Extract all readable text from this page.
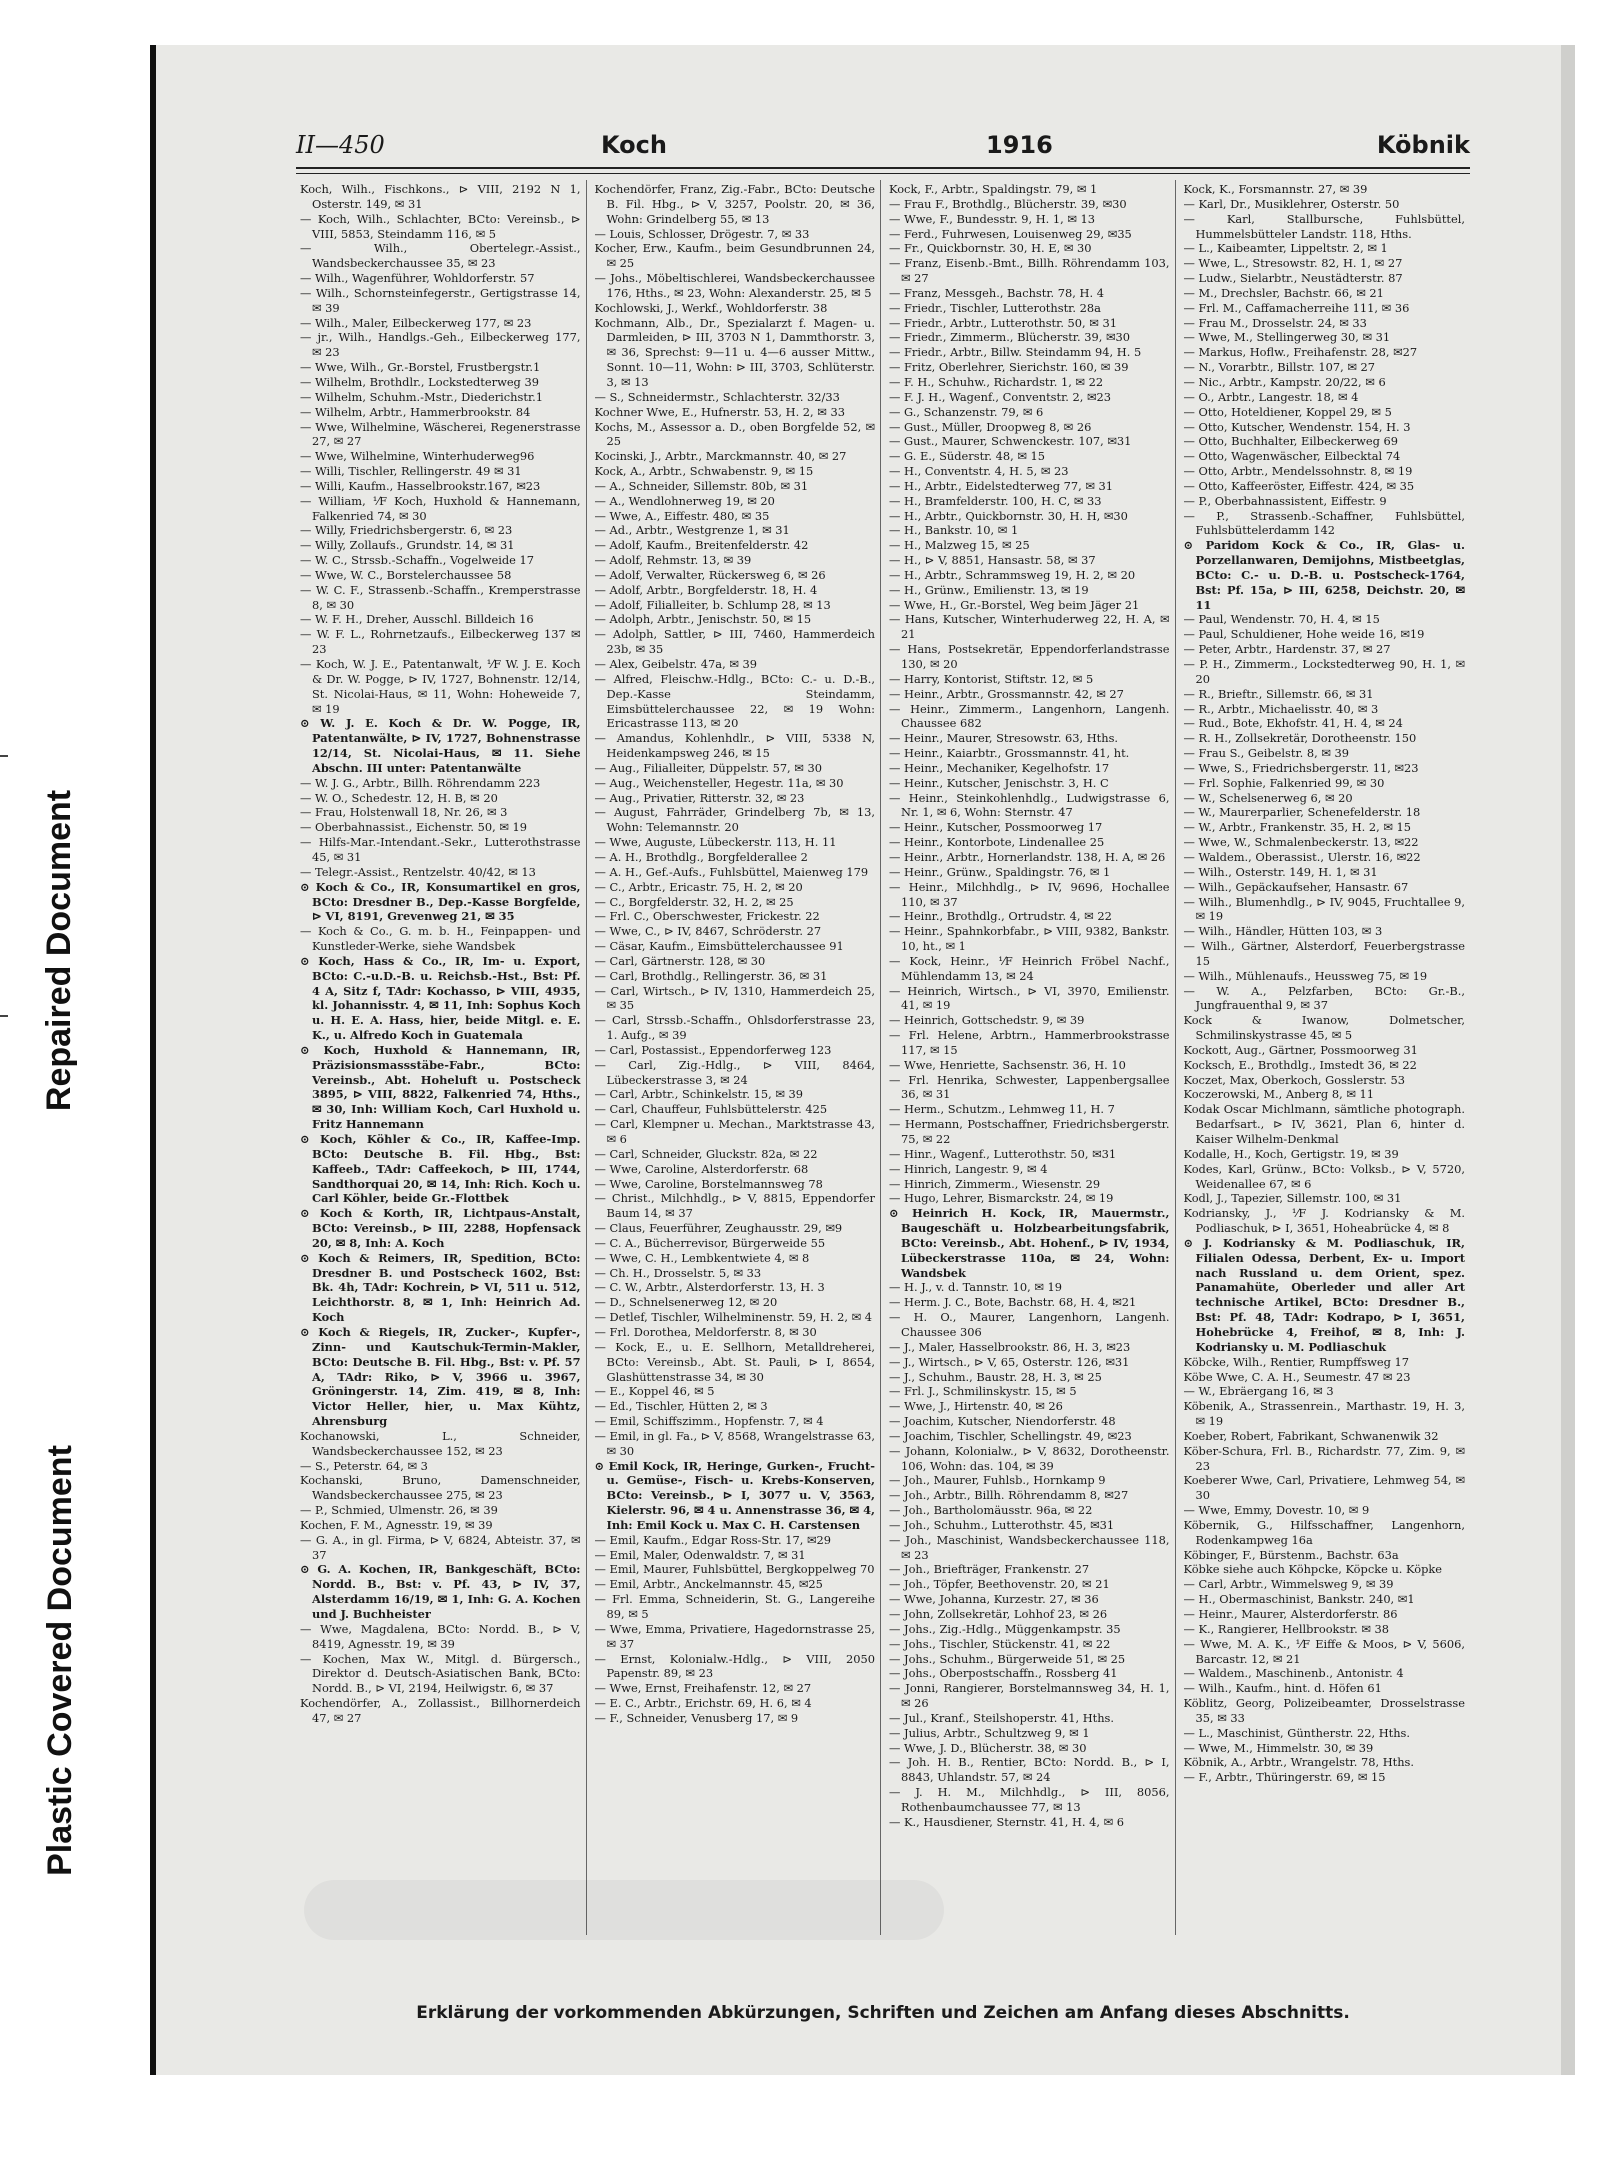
Repaired Document
Plastic Covered Document
II—450	Koch	1916	Köbnik

Koch, Wilh., Fischkons., ⊳ VIII, 2192 N 1, Osterstr. 149, ✉ 31

— Koch, Wilh., Schlachter, BCto: Vereinsb., ⊳ VIII, 5853, Steindamm 116, ✉ 5

— Wilh., Obertelegr.-Assist., Wandsbeckerchaussee 35, ✉ 23

— Wilh., Wagenführer, Wohldorferstr. 57

— Wilh., Schornsteinfegerstr., Gertigstrasse 14, ✉ 39

— Wilh., Maler, Eilbeckerweg 177, ✉ 23

— jr., Wilh., Handlgs.-Geh., Eilbeckerweg 177, ✉ 23

— Wwe, Wilh., Gr.-Borstel, Frustbergstr.1

— Wilhelm, Brothdlr., Lockstedterweg 39

— Wilhelm, Schuhm.-Mstr., Diederichstr.1

— Wilhelm, Arbtr., Hammerbrookstr. 84

— Wwe, Wilhelmine, Wäscherei, Regenerstrasse 27, ✉ 27

— Wwe, Wilhelmine, Winterhuderweg96

— Willi, Tischler, Rellingerstr. 49 ✉ 31

— Willi, Kaufm., Hasselbrookstr.167, ✉23

— William, ⅟F Koch, Huxhold & Hannemann, Falkenried 74, ✉ 30

— Willy, Friedrichsbergerstr. 6, ✉ 23

— Willy, Zollaufs., Grundstr. 14, ✉ 31

— W. C., Strssb.-Schaffn., Vogelweide 17

— Wwe, W. C., Borstelerchaussee 58

— W. C. F., Strassenb.-Schaffn., Kremperstrasse 8, ✉ 30

— W. F. H., Dreher, Ausschl. Billdeich 16

— W. F. L., Rohrnetzaufs., Eilbeckerweg 137 ✉ 23

— Koch, W. J. E., Patentanwalt, ⅟F W. J. E. Koch & Dr. W. Pogge, ⊳ IV, 1727, Bohnenstr. 12/14, St. Nicolai-Haus, ✉ 11, Wohn: Hoheweide 7, ✉ 19

⊙ W. J. E. Koch & Dr. W. Pogge, IR, Patentanwälte, ⊳ IV, 1727, Bohnenstrasse 12/14, St. Nicolai-Haus, ✉ 11. Siehe Abschn. III unter: Patentanwälte

— W. J. G., Arbtr., Billh. Röhrendamm 223

— W. O., Schedestr. 12, H. B, ✉ 20

— Frau, Holstenwall 18, Nr. 26, ✉ 3

— Oberbahnassist., Eichenstr. 50, ✉ 19

— Hilfs-Mar.-Intendant.-Sekr., Lutterothstrasse 45, ✉ 31

— Telegr.-Assist., Rentzelstr. 40/42, ✉ 13

⊙ Koch & Co., IR, Konsumartikel en gros, BCto: Dresdner B., Dep.-Kasse Borgfelde, ⊳ VI, 8191, Grevenweg 21, ✉ 35

— Koch & Co., G. m. b. H., Feinpappen- und Kunstleder-Werke, siehe Wandsbek

⊙ Koch, Hass & Co., IR, Im- u. Export, BCto: C.-u.D.-B. u. Reichsb.-Hst., Bst: Pf. 4 A, Sitz f, TAdr: Kochasso, ⊳ VIII, 4935, kl. Johannisstr. 4, ✉ 11, Inh: Sophus Koch u. H. E. A. Hass, hier, beide Mitgl. e. E. K., u. Alfredo Koch in Guatemala

⊙ Koch, Huxhold & Hannemann, IR, Präzisionsmassstäbe-Fabr., BCto: Vereinsb., Abt. Hoheluft u. Postscheck 3895, ⊳ VIII, 8822, Falkenried 74, Hths., ✉ 30, Inh: William Koch, Carl Huxhold u. Fritz Hannemann

⊙ Koch, Köhler & Co., IR, Kaffee-Imp. BCto: Deutsche B. Fil. Hbg., Bst: Kaffeeb., TAdr: Caffeekoch, ⊳ III, 1744, Sandthorquai 20, ✉ 14, Inh: Rich. Koch u. Carl Köhler, beide Gr.-Flottbek

⊙ Koch & Korth, IR, Lichtpaus-Anstalt, BCto: Vereinsb., ⊳ III, 2288, Hopfensack 20, ✉ 8, Inh: A. Koch

⊙ Koch & Reimers, IR, Spedition, BCto: Dresdner B. und Postscheck 1602, Bst: Bk. 4h, TAdr: Kochrein, ⊳ VI, 511 u. 512, Leichthorstr. 8, ✉ 1, Inh: Heinrich Ad. Koch

⊙ Koch & Riegels, IR, Zucker-, Kupfer-, Zinn- und Kautschuk-Termin-Makler, BCto: Deutsche B. Fil. Hbg., Bst: v. Pf. 57 A, TAdr: Riko, ⊳ V, 3966 u. 3967, Gröningerstr. 14, Zim. 419, ✉ 8, Inh: Victor Heller, hier, u. Max Kühtz, Ahrensburg

Kochanowski, L., Schneider, Wandsbeckerchaussee 152, ✉ 23

— S., Peterstr. 64, ✉ 3

Kochanski, Bruno, Damenschneider, Wandsbeckerchaussee 275, ✉ 23

— P., Schmied, Ulmenstr. 26, ✉ 39

Kochen, F. M., Agnesstr. 19, ✉ 39

— G. A., in gl. Firma, ⊳ V, 6824, Abteistr. 37, ✉ 37

⊙ G. A. Kochen, IR, Bankgeschäft, BCto: Nordd. B., Bst: v. Pf. 43, ⊳ IV, 37, Alsterdamm 16/19, ✉ 1, Inh: G. A. Kochen und J. Buchheister

— Wwe, Magdalena, BCto: Nordd. B., ⊳ V, 8419, Agnesstr. 19, ✉ 39

— Kochen, Max W., Mitgl. d. Bürgersch., Direktor d. Deutsch-Asiatischen Bank, BCto: Nordd. B., ⊳ VI, 2194, Heilwigstr. 6, ✉ 37

Kochendörfer, A., Zollassist., Billhornerdeich 47, ✉ 27

Kochendörfer, Franz, Zig.-Fabr., BCto: Deutsche B. Fil. Hbg., ⊳ V, 3257, Poolstr. 20, ✉ 36, Wohn: Grindelberg 55, ✉ 13

— Louis, Schlosser, Drögestr. 7, ✉ 33

Kocher, Erw., Kaufm., beim Gesundbrunnen 24, ✉ 25

— Johs., Möbeltischlerei, Wandsbeckerchaussee 176, Hths., ✉ 23, Wohn: Alexanderstr. 25, ✉ 5

Kochlowski, J., Werkf., Wohldorferstr. 38

Kochmann, Alb., Dr., Spezialarzt f. Magen- u. Darmleiden, ⊳ III, 3703 N 1, Dammthorstr. 3, ✉ 36, Sprechst: 9—11 u. 4—6 ausser Mittw., Sonnt. 10—11, Wohn: ⊳ III, 3703, Schlüterstr. 3, ✉ 13

— S., Schneidermstr., Schlachterstr. 32/33

Kochner Wwe, E., Hufnerstr. 53, H. 2, ✉ 33

Kochs, M., Assessor a. D., oben Borgfelde 52, ✉ 25

Kocinski, J., Arbtr., Marckmannstr. 40, ✉ 27

Kock, A., Arbtr., Schwabenstr. 9, ✉ 15

— A., Schneider, Sillemstr. 80b, ✉ 31

— A., Wendlohnerweg 19, ✉ 20

— Wwe, A., Eiffestr. 480, ✉ 35

— Ad., Arbtr., Westgrenze 1, ✉ 31

— Adolf, Kaufm., Breitenfelderstr. 42

— Adolf, Rehmstr. 13, ✉ 39

— Adolf, Verwalter, Rückersweg 6, ✉ 26

— Adolf, Arbtr., Borgfelderstr. 18, H. 4

— Adolf, Filialleiter, b. Schlump 28, ✉ 13

— Adolph, Arbtr., Jenischstr. 50, ✉ 15

— Adolph, Sattler, ⊳ III, 7460, Hammerdeich 23b, ✉ 35

— Alex, Geibelstr. 47a, ✉ 39

— Alfred, Fleischw.-Hdlg., BCto: C.- u. D.-B., Dep.-Kasse Steindamm, Eimsbüttelerchaussee 22, ✉ 19 Wohn: Ericastrasse 113, ✉ 20

— Amandus, Kohlenhdlr., ⊳ VIII, 5338 N, Heidenkampsweg 246, ✉ 15

— Aug., Filialleiter, Düppelstr. 57, ✉ 30

— Aug., Weichensteller, Hegestr. 11a, ✉ 30

— Aug., Privatier, Ritterstr. 32, ✉ 23

— August, Fahrräder, Grindelberg 7b, ✉ 13, Wohn: Telemannstr. 20

— Wwe, Auguste, Lübeckerstr. 113, H. 11

— A. H., Brothdlg., Borgfelderallee 2

— A. H., Gef.-Aufs., Fuhlsbüttel, Maienweg 179

— C., Arbtr., Ericastr. 75, H. 2, ✉ 20

— C., Borgfelderstr. 32, H. 2, ✉ 25

— Frl. C., Oberschwester, Frickestr. 22

— Wwe, C., ⊳ IV, 8467, Schröderstr. 27

— Cäsar, Kaufm., Eimsbüttelerchaussee 91

— Carl, Gärtnerstr. 128, ✉ 30

— Carl, Brothdlg., Rellingerstr. 36, ✉ 31

— Carl, Wirtsch., ⊳ IV, 1310, Hammerdeich 25, ✉ 35

— Carl, Strssb.-Schaffn., Ohlsdorferstrasse 23, 1. Aufg., ✉ 39

— Carl, Postassist., Eppendorferweg 123

— Carl, Zig.-Hdlg., ⊳ VIII, 8464, Lübeckerstrasse 3, ✉ 24

— Carl, Arbtr., Schinkelstr. 15, ✉ 39

— Carl, Chauffeur, Fuhlsbüttelerstr. 425

— Carl, Klempner u. Mechan., Marktstrasse 43, ✉ 6

— Carl, Schneider, Gluckstr. 82a, ✉ 22

— Wwe, Caroline, Alsterdorferstr. 68

— Wwe, Caroline, Borstelmannsweg 78

— Christ., Milchhdlg., ⊳ V, 8815, Eppendorfer Baum 14, ✉ 37

— Claus, Feuerführer, Zeughausstr. 29, ✉9

— C. A., Bücherrevisor, Bürgerweide 55

— Wwe, C. H., Lembkentwiete 4, ✉ 8

— Ch. H., Drosselstr. 5, ✉ 33

— C. W., Arbtr., Alsterdorferstr. 13, H. 3

— D., Schnelsenerweg 12, ✉ 20

— Detlef, Tischler, Wilhelminenstr. 59, H. 2, ✉ 4

— Frl. Dorothea, Meldorferstr. 8, ✉ 30

— Kock, E., u. E. Sellhorn, Metalldreherei, BCto: Vereinsb., Abt. St. Pauli, ⊳ I, 8654, Glashüttenstrasse 34, ✉ 30

— E., Koppel 46, ✉ 5

— Ed., Tischler, Hütten 2, ✉ 3

— Emil, Schiffszimm., Hopfenstr. 7, ✉ 4

— Emil, in gl. Fa., ⊳ V, 8568, Wrangelstrasse 63, ✉ 30

⊙ Emil Kock, IR, Heringe, Gurken-, Frucht- u. Gemüse-, Fisch- u. Krebs-Konserven, BCto: Vereinsb., ⊳ I, 3077 u. V, 3563, Kielerstr. 96, ✉ 4 u. Annenstrasse 36, ✉ 4, Inh: Emil Kock u. Max C. H. Carstensen

— Emil, Kaufm., Edgar Ross-Str. 17, ✉29

— Emil, Maler, Odenwaldstr. 7, ✉ 31

— Emil, Maurer, Fuhlsbüttel, Bergkoppelweg 70

— Emil, Arbtr., Anckelmannstr. 45, ✉25

— Frl. Emma, Schneiderin, St. G., Langereihe 89, ✉ 5

— Wwe, Emma, Privatiere, Hagedornstrasse 25, ✉ 37

— Ernst, Kolonialw.-Hdlg., ⊳ VIII, 2050 Papenstr. 89, ✉ 23

— Wwe, Ernst, Freihafenstr. 12, ✉ 27

— E. C., Arbtr., Erichstr. 69, H. 6, ✉ 4

— F., Schneider, Venusberg 17, ✉ 9

Kock, F., Arbtr., Spaldingstr. 79, ✉ 1

— Frau F., Brothdlg., Blücherstr. 39, ✉30

— Wwe, F., Bundesstr. 9, H. 1, ✉ 13

— Ferd., Fuhrwesen, Louisenweg 29, ✉35

— Fr., Quickbornstr. 30, H. E, ✉ 30

— Franz, Eisenb.-Bmt., Billh. Röhrendamm 103, ✉ 27

— Franz, Messgeh., Bachstr. 78, H. 4

— Friedr., Tischler, Lutterothstr. 28a

— Friedr., Arbtr., Lutterothstr. 50, ✉ 31

— Friedr., Zimmerm., Blücherstr. 39, ✉30

— Friedr., Arbtr., Billw. Steindamm 94, H. 5

— Fritz, Oberlehrer, Sierichstr. 160, ✉ 39

— F. H., Schuhw., Richardstr. 1, ✉ 22

— F. J. H., Wagenf., Conventstr. 2, ✉23

— G., Schanzenstr. 79, ✉ 6

— Gust., Müller, Droopweg 8, ✉ 26

— Gust., Maurer, Schwenckestr. 107, ✉31

— G. E., Süderstr. 48, ✉ 15

— H., Conventstr. 4, H. 5, ✉ 23

— H., Arbtr., Eidelstedterweg 77, ✉ 31

— H., Bramfelderstr. 100, H. C, ✉ 33

— H., Arbtr., Quickbornstr. 30, H. H, ✉30

— H., Bankstr. 10, ✉ 1

— H., Malzweg 15, ✉ 25

— H., ⊳ V, 8851, Hansastr. 58, ✉ 37

— H., Arbtr., Schrammsweg 19, H. 2, ✉ 20

— H., Grünw., Emilienstr. 13, ✉ 19

— Wwe, H., Gr.-Borstel, Weg beim Jäger 21

— Hans, Kutscher, Winterhuderweg 22, H. A, ✉ 21

— Hans, Postsekretär, Eppendorferlandstrasse 130, ✉ 20

— Harry, Kontorist, Stiftstr. 12, ✉ 5

— Heinr., Arbtr., Grossmannstr. 42, ✉ 27

— Heinr., Zimmerm., Langenhorn, Langenh. Chaussee 682

— Heinr., Maurer, Stresowstr. 63, Hths.

— Heinr., Kaiarbtr., Grossmannstr. 41, ht.

— Heinr., Mechaniker, Kegelhofstr. 17

— Heinr., Kutscher, Jenischstr. 3, H. C

— Heinr., Steinkohlenhdlg., Ludwigstrasse 6, Nr. 1, ✉ 6, Wohn: Sternstr. 47

— Heinr., Kutscher, Possmoorweg 17

— Heinr., Kontorbote, Lindenallee 25

— Heinr., Arbtr., Hornerlandstr. 138, H. A, ✉ 26

— Heinr., Grünw., Spaldingstr. 76, ✉ 1

— Heinr., Milchhdlg., ⊳ IV, 9696, Hochallee 110, ✉ 37

— Heinr., Brothdlg., Ortrudstr. 4, ✉ 22

— Heinr., Spahnkorbfabr., ⊳ VIII, 9382, Bankstr. 10, ht., ✉ 1

— Kock, Heinr., ⅟F Heinrich Fröbel Nachf., Mühlendamm 13, ✉ 24

— Heinrich, Wirtsch., ⊳ VI, 3970, Emilienstr. 41, ✉ 19

— Heinrich, Gottschedstr. 9, ✉ 39

— Frl. Helene, Arbtrn., Hammerbrookstrasse 117, ✉ 15

— Wwe, Henriette, Sachsenstr. 36, H. 10

— Frl. Henrika, Schwester, Lappenbergsallee 36, ✉ 31

— Herm., Schutzm., Lehmweg 11, H. 7

— Hermann, Postschaffner, Friedrichsbergerstr. 75, ✉ 22

— Hinr., Wagenf., Lutterothstr. 50, ✉31

— Hinrich, Langestr. 9, ✉ 4

— Hinrich, Zimmerm., Wiesenstr. 29

— Hugo, Lehrer, Bismarckstr. 24, ✉ 19

⊙ Heinrich H. Kock, IR, Mauermstr., Baugeschäft u. Holzbearbeitungsfabrik, BCto: Vereinsb., Abt. Hohenf., ⊳ IV, 1934, Lübeckerstrasse 110a, ✉ 24, Wohn: Wandsbek

— H. J., v. d. Tannstr. 10, ✉ 19

— Herm. J. C., Bote, Bachstr. 68, H. 4, ✉21

— H. O., Maurer, Langenhorn, Langenh. Chaussee 306

— J., Maler, Hasselbrookstr. 86, H. 3, ✉23

— J., Wirtsch., ⊳ V, 65, Osterstr. 126, ✉31

— J., Schuhm., Baustr. 28, H. 3, ✉ 25

— Frl. J., Schmilinskystr. 15, ✉ 5

— Wwe, J., Hirtenstr. 40, ✉ 26

— Joachim, Kutscher, Niendorferstr. 48

— Joachim, Tischler, Schellingstr. 49, ✉23

— Johann, Kolonialw., ⊳ V, 8632, Dorotheenstr. 106, Wohn: das. 104, ✉ 39

— Joh., Maurer, Fuhlsb., Hornkamp 9

— Joh., Arbtr., Billh. Röhrendamm 8, ✉27

— Joh., Bartholomäusstr. 96a, ✉ 22

— Joh., Schuhm., Lutterothstr. 45, ✉31

— Joh., Maschinist, Wandsbeckerchaussee 118, ✉ 23

— Joh., Briefträger, Frankenstr. 27

— Joh., Töpfer, Beethovenstr. 20, ✉ 21

— Wwe, Johanna, Kurzestr. 27, ✉ 36

— John, Zollsekretär, Lohhof 23, ✉ 26

— Johs., Zig.-Hdlg., Müggenkampstr. 35

— Johs., Tischler, Stückenstr. 41, ✉ 22

— Johs., Schuhm., Bürgerweide 51, ✉ 25

— Johs., Oberpostschaffn., Rossberg 41

— Jonni, Rangierer, Borstelmannsweg 34, H. 1, ✉ 26

— Jul., Kranf., Steilshoperstr. 41, Hths.

— Julius, Arbtr., Schultzweg 9, ✉ 1

— Wwe, J. D., Blücherstr. 38, ✉ 30

— Joh. H. B., Rentier, BCto: Nordd. B., ⊳ I, 8843, Uhlandstr. 57, ✉ 24

— J. H. M., Milchhdlg., ⊳ III, 8056, Rothenbaumchaussee 77, ✉ 13

— K., Hausdiener, Sternstr. 41, H. 4, ✉ 6

Kock, K., Forsmannstr. 27, ✉ 39

— Karl, Dr., Musiklehrer, Osterstr. 50

— Karl, Stallbursche, Fuhlsbüttel, Hummelsbütteler Landstr. 118, Hths.

— L., Kaibeamter, Lippeltstr. 2, ✉ 1

— Wwe, L., Stresowstr. 82, H. 1, ✉ 27

— Ludw., Sielarbtr., Neustädterstr. 87

— M., Drechsler, Bachstr. 66, ✉ 21

— Frl. M., Caffamacherreihe 111, ✉ 36

— Frau M., Drosselstr. 24, ✉ 33

— Wwe, M., Stellingerweg 30, ✉ 31

— Markus, Hoflw., Freihafenstr. 28, ✉27

— N., Vorarbtr., Billstr. 107, ✉ 27

— Nic., Arbtr., Kampstr. 20/22, ✉ 6

— O., Arbtr., Langestr. 18, ✉ 4

— Otto, Hoteldiener, Koppel 29, ✉ 5

— Otto, Kutscher, Wendenstr. 154, H. 3

— Otto, Buchhalter, Eilbeckerweg 69

— Otto, Wagenwäscher, Eilbecktal 74

— Otto, Arbtr., Mendelssohnstr. 8, ✉ 19

— Otto, Kaffeeröster, Eiffestr. 424, ✉ 35

— P., Oberbahnassistent, Eiffestr. 9

— P., Strassenb.-Schaffner, Fuhlsbüttel, Fuhlsbüttelerdamm 142

⊙ Paridom Kock & Co., IR, Glas- u. Porzellanwaren, Demijohns, Mistbeetglas, BCto: C.- u. D.-B. u. Postscheck-1764, Bst: Pf. 15a, ⊳ III, 6258, Deichstr. 20, ✉ 11

— Paul, Wendenstr. 70, H. 4, ✉ 15

— Paul, Schuldiener, Hohe weide 16, ✉19

— Peter, Arbtr., Hardenstr. 37, ✉ 27

— P. H., Zimmerm., Lockstedterweg 90, H. 1, ✉ 20

— R., Brieftr., Sillemstr. 66, ✉ 31

— R., Arbtr., Michaelisstr. 40, ✉ 3

— Rud., Bote, Ekhofstr. 41, H. 4, ✉ 24

— R. H., Zollsekretär, Dorotheenstr. 150

— Frau S., Geibelstr. 8, ✉ 39

— Wwe, S., Friedrichsbergerstr. 11, ✉23

— Frl. Sophie, Falkenried 99, ✉ 30

— W., Schelsenerweg 6, ✉ 20

— W., Maurerparlier, Schenefelderstr. 18

— W., Arbtr., Frankenstr. 35, H. 2, ✉ 15

— Wwe, W., Schmalenbeckerstr. 13, ✉22

— Waldem., Oberassist., Ulerstr. 16, ✉22

— Wilh., Osterstr. 149, H. 1, ✉ 31

— Wilh., Gepäckaufseher, Hansastr. 67

— Wilh., Blumenhdlg., ⊳ IV, 9045, Fruchtallee 9, ✉ 19

— Wilh., Händler, Hütten 103, ✉ 3

— Wilh., Gärtner, Alsterdorf, Feuerbergstrasse 15

— Wilh., Mühlenaufs., Heussweg 75, ✉ 19

— W. A., Pelzfarben, BCto: Gr.-B., Jungfrauenthal 9, ✉ 37

Kock & Iwanow, Dolmetscher, Schmilinskystrasse 45, ✉ 5

Kockott, Aug., Gärtner, Possmoorweg 31

Kocksch, E., Brothdlg., Imstedt 36, ✉ 22

Koczet, Max, Oberkoch, Gosslerstr. 53

Koczerowski, M., Anberg 8, ✉ 11

Kodak Oscar Michlmann, sämtliche photograph. Bedarfsart., ⊳ IV, 3621, Plan 6, hinter d. Kaiser Wilhelm-Denkmal

Kodalle, H., Koch, Gertigstr. 19, ✉ 39

Kodes, Karl, Grünw., BCto: Volksb., ⊳ V, 5720, Weidenallee 67, ✉ 6

Kodl, J., Tapezier, Sillemstr. 100, ✉ 31

Kodriansky, J., ⅟F J. Kodriansky & M. Podliaschuk, ⊳ I, 3651, Hoheabrücke 4, ✉ 8

⊙ J. Kodriansky & M. Podliaschuk, IR, Filialen Odessa, Derbent, Ex- u. Import nach Russland u. dem Orient, spez. Panamahüte, Oberleder und aller Art technische Artikel, BCto: Dresdner B., Bst: Pf. 48, TAdr: Kodrapo, ⊳ I, 3651, Hohebrücke 4, Freihof, ✉ 8, Inh: J. Kodriansky u. M. Podliaschuk

Köbcke, Wilh., Rentier, Rumpffsweg 17

Köbe Wwe, C. A. H., Seumestr. 47 ✉ 23

— W., Ebräergang 16, ✉ 3

Köbenik, A., Strassenrein., Marthastr. 19, H. 3, ✉ 19

Koeber, Robert, Fabrikant, Schwanenwik 32

Köber-Schura, Frl. B., Richardstr. 77, Zim. 9, ✉ 23

Koeberer Wwe, Carl, Privatiere, Lehmweg 54, ✉ 30

— Wwe, Emmy, Dovestr. 10, ✉ 9

Köbernik, G., Hilfsschaffner, Langenhorn, Rodenkampweg 16a

Köbinger, F., Bürstenm., Bachstr. 63a

Köbke siehe auch Köhpcke, Köpcke u. Köpke

— Carl, Arbtr., Wimmelsweg 9, ✉ 39

— H., Obermaschinist, Bankstr. 240, ✉1

— Heinr., Maurer, Alsterdorferstr. 86

— K., Rangierer, Hellbrookstr. ✉ 38

— Wwe, M. A. K., ⅟F Eiffe & Moos, ⊳ V, 5606, Barcastr. 12, ✉ 21

— Waldem., Maschinenb., Antonistr. 4

— Wilh., Kaufm., hint. d. Höfen 61

Köblitz, Georg, Polizeibeamter, Drosselstrasse 35, ✉ 33

— L., Maschinist, Güntherstr. 22, Hths.

— Wwe, M., Himmelstr. 30, ✉ 39

Köbnik, A., Arbtr., Wrangelstr. 78, Hths.

— F., Arbtr., Thüringerstr. 69, ✉ 15

Erklärung der vorkommenden Abkürzungen, Schriften und Zeichen am Anfang dieses Abschnitts.
